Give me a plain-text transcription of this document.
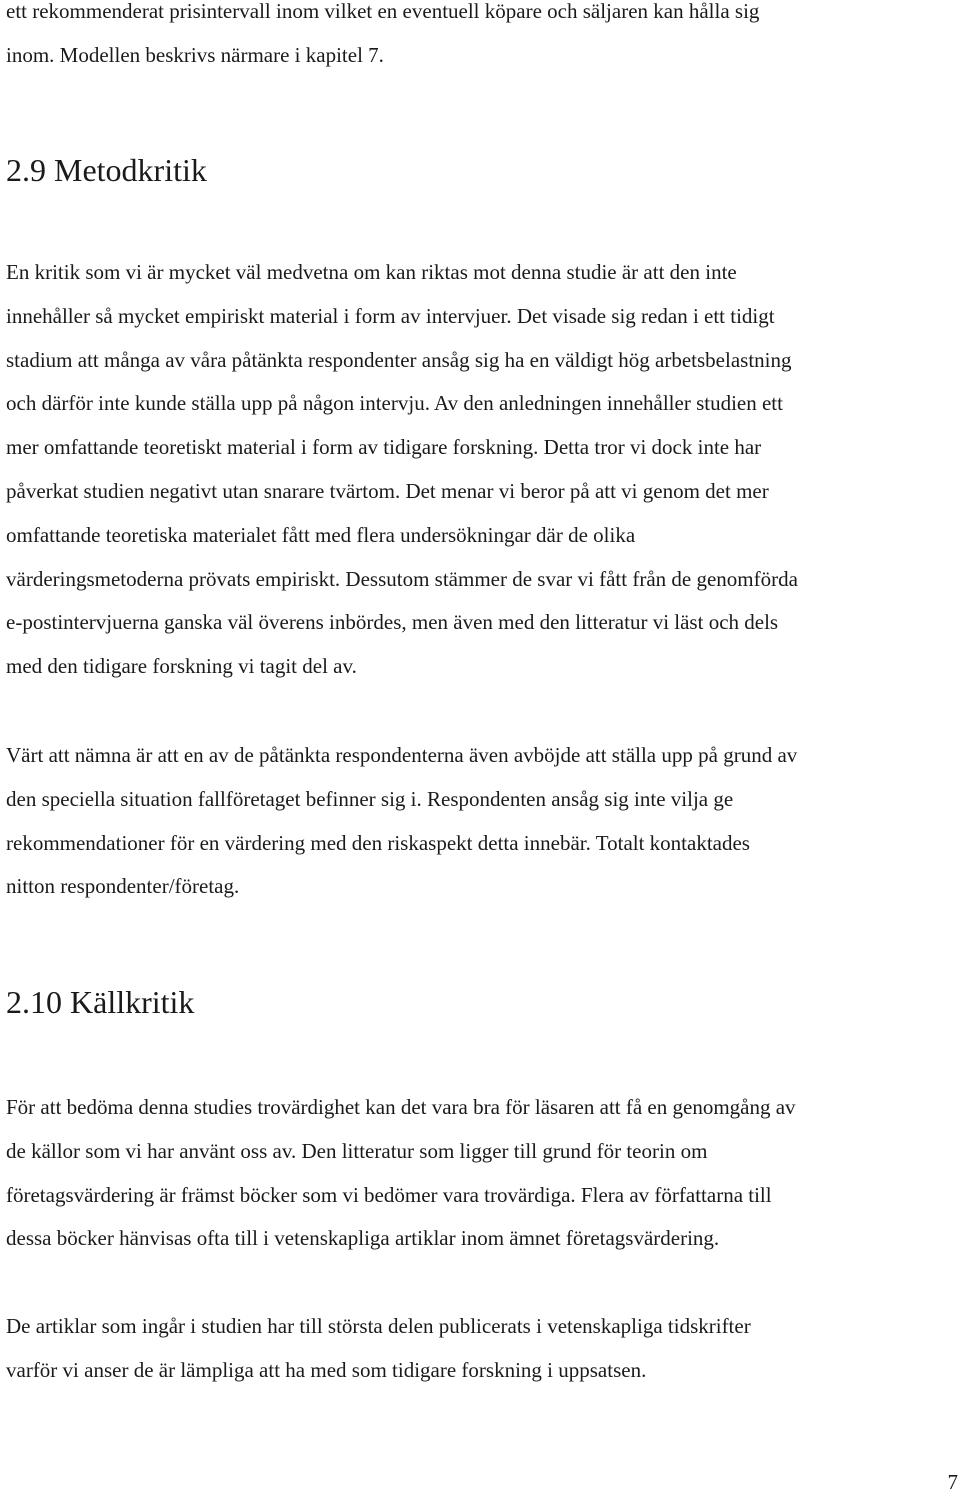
ett rekommenderat prisintervall inom vilket en eventuell köpare och säljaren kan hålla sig
inom. Modellen beskrivs närmare i kapitel 7.
2.9 Metodkritik
En kritik som vi är mycket väl medvetna om kan riktas mot denna studie är att den inte
innehåller så mycket empiriskt material i form av intervjuer. Det visade sig redan i ett tidigt
stadium att många av våra påtänkta respondenter ansåg sig ha en väldigt hög arbetsbelastning
och därför inte kunde ställa upp på någon intervju. Av den anledningen innehåller studien ett
mer omfattande teoretiskt material i form av tidigare forskning. Detta tror vi dock inte har
påverkat studien negativt utan snarare tvärtom. Det menar vi beror på att vi genom det mer
omfattande teoretiska materialet fått med flera undersökningar där de olika
värderingsmetoderna prövats empiriskt. Dessutom stämmer de svar vi fått från de genomförda
e-postintervjuerna ganska väl överens inbördes, men även med den litteratur vi läst och dels
med den tidigare forskning vi tagit del av.
Värt att nämna är att en av de påtänkta respondenterna även avböjde att ställa upp på grund av
den speciella situation fallföretaget befinner sig i. Respondenten ansåg sig inte vilja ge
rekommendationer för en värdering med den riskaspekt detta innebär. Totalt kontaktades
nitton respondenter/företag.
2.10 Källkritik
För att bedöma denna studies trovärdighet kan det vara bra för läsaren att få en genomgång av
de källor som vi har använt oss av. Den litteratur som ligger till grund för teorin om
företagsvärdering är främst böcker som vi bedömer vara trovärdiga. Flera av författarna till
dessa böcker hänvisas ofta till i vetenskapliga artiklar inom ämnet företagsvärdering.
De artiklar som ingår i studien har till största delen publicerats i vetenskapliga tidskrifter
varför vi anser de är lämpliga att ha med som tidigare forskning i uppsatsen.
7
